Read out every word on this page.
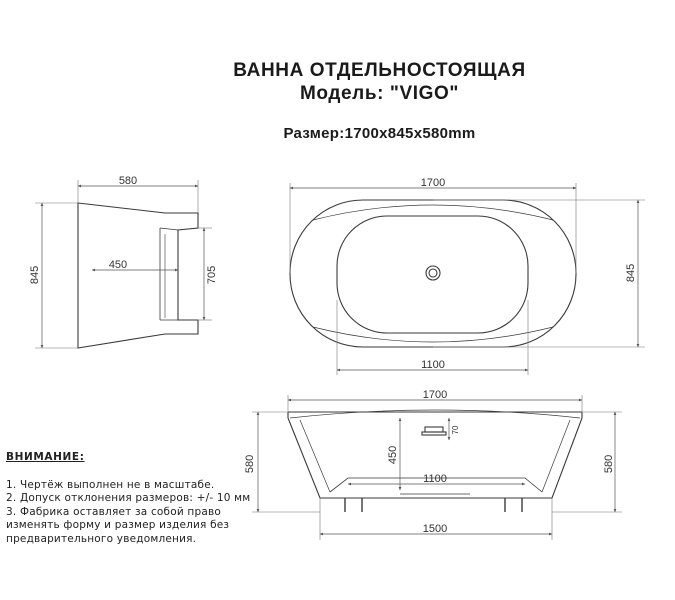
ВАННА ОТДЕЛЬНОСТОЯЩАЯ
Модель: "VIGO"
Размер:1700х845х580mm
580
845
450
705
1700
845
1100
1700
580	580
450
70
1100
1500
ВНИМАНИЕ:
1. Чертёж выполнен не в масштабе.
2. Допуск отклонения размеров: +/- 10 мм
3. Фабрика оставляет за собой право
изменять форму и размер изделия без
предварительного уведомления.
